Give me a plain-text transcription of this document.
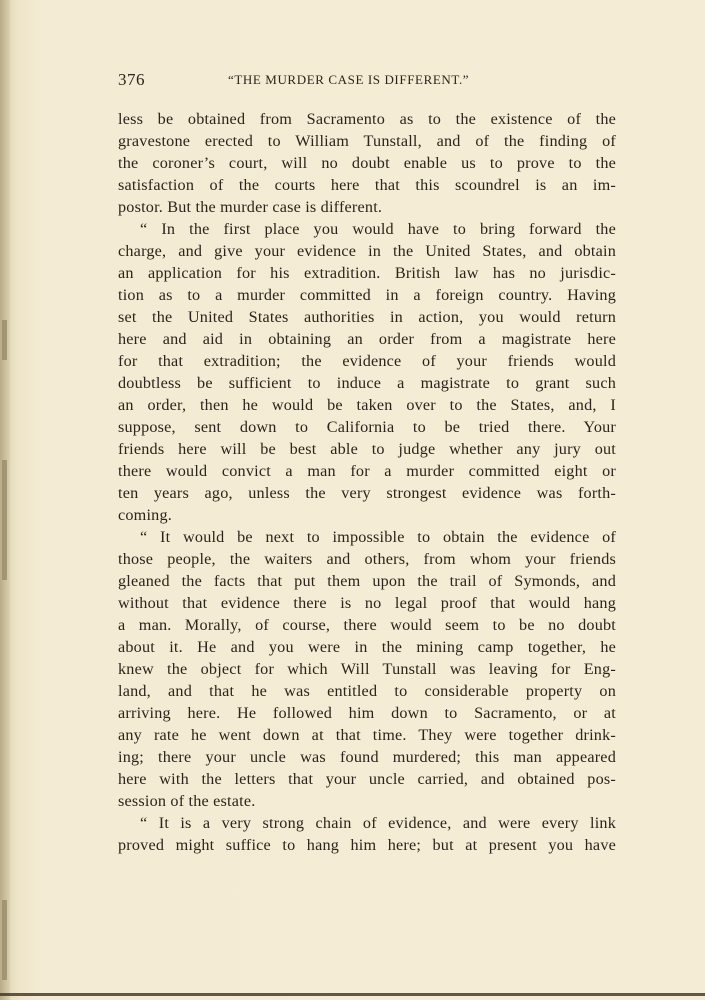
376	“THE MURDER CASE IS DIFFERENT.”
less be obtained from Sacramento as to the existence of the
gravestone erected to William Tunstall, and of the finding of
the coroner’s court, will no doubt enable us to prove to the
satisfaction of the courts here that this scoundrel is an im-
postor. But the murder case is different.
“ In the first place you would have to bring forward the
charge, and give your evidence in the United States, and obtain
an application for his extradition. British law has no jurisdic-
tion as to a murder committed in a foreign country. Having
set the United States authorities in action, you would return
here and aid in obtaining an order from a magistrate here
for that extradition; the evidence of your friends would
doubtless be sufficient to induce a magistrate to grant such
an order, then he would be taken over to the States, and, I
suppose, sent down to California to be tried there. Your
friends here will be best able to judge whether any jury out
there would convict a man for a murder committed eight or
ten years ago, unless the very strongest evidence was forth-
coming.
“ It would be next to impossible to obtain the evidence of
those people, the waiters and others, from whom your friends
gleaned the facts that put them upon the trail of Symonds, and
without that evidence there is no legal proof that would hang
a man. Morally, of course, there would seem to be no doubt
about it. He and you were in the mining camp together, he
knew the object for which Will Tunstall was leaving for Eng-
land, and that he was entitled to considerable property on
arriving here. He followed him down to Sacramento, or at
any rate he went down at that time. They were together drink-
ing; there your uncle was found murdered; this man appeared
here with the letters that your uncle carried, and obtained pos-
session of the estate.
“ It is a very strong chain of evidence, and were every link
proved might suffice to hang him here; but at present you have
